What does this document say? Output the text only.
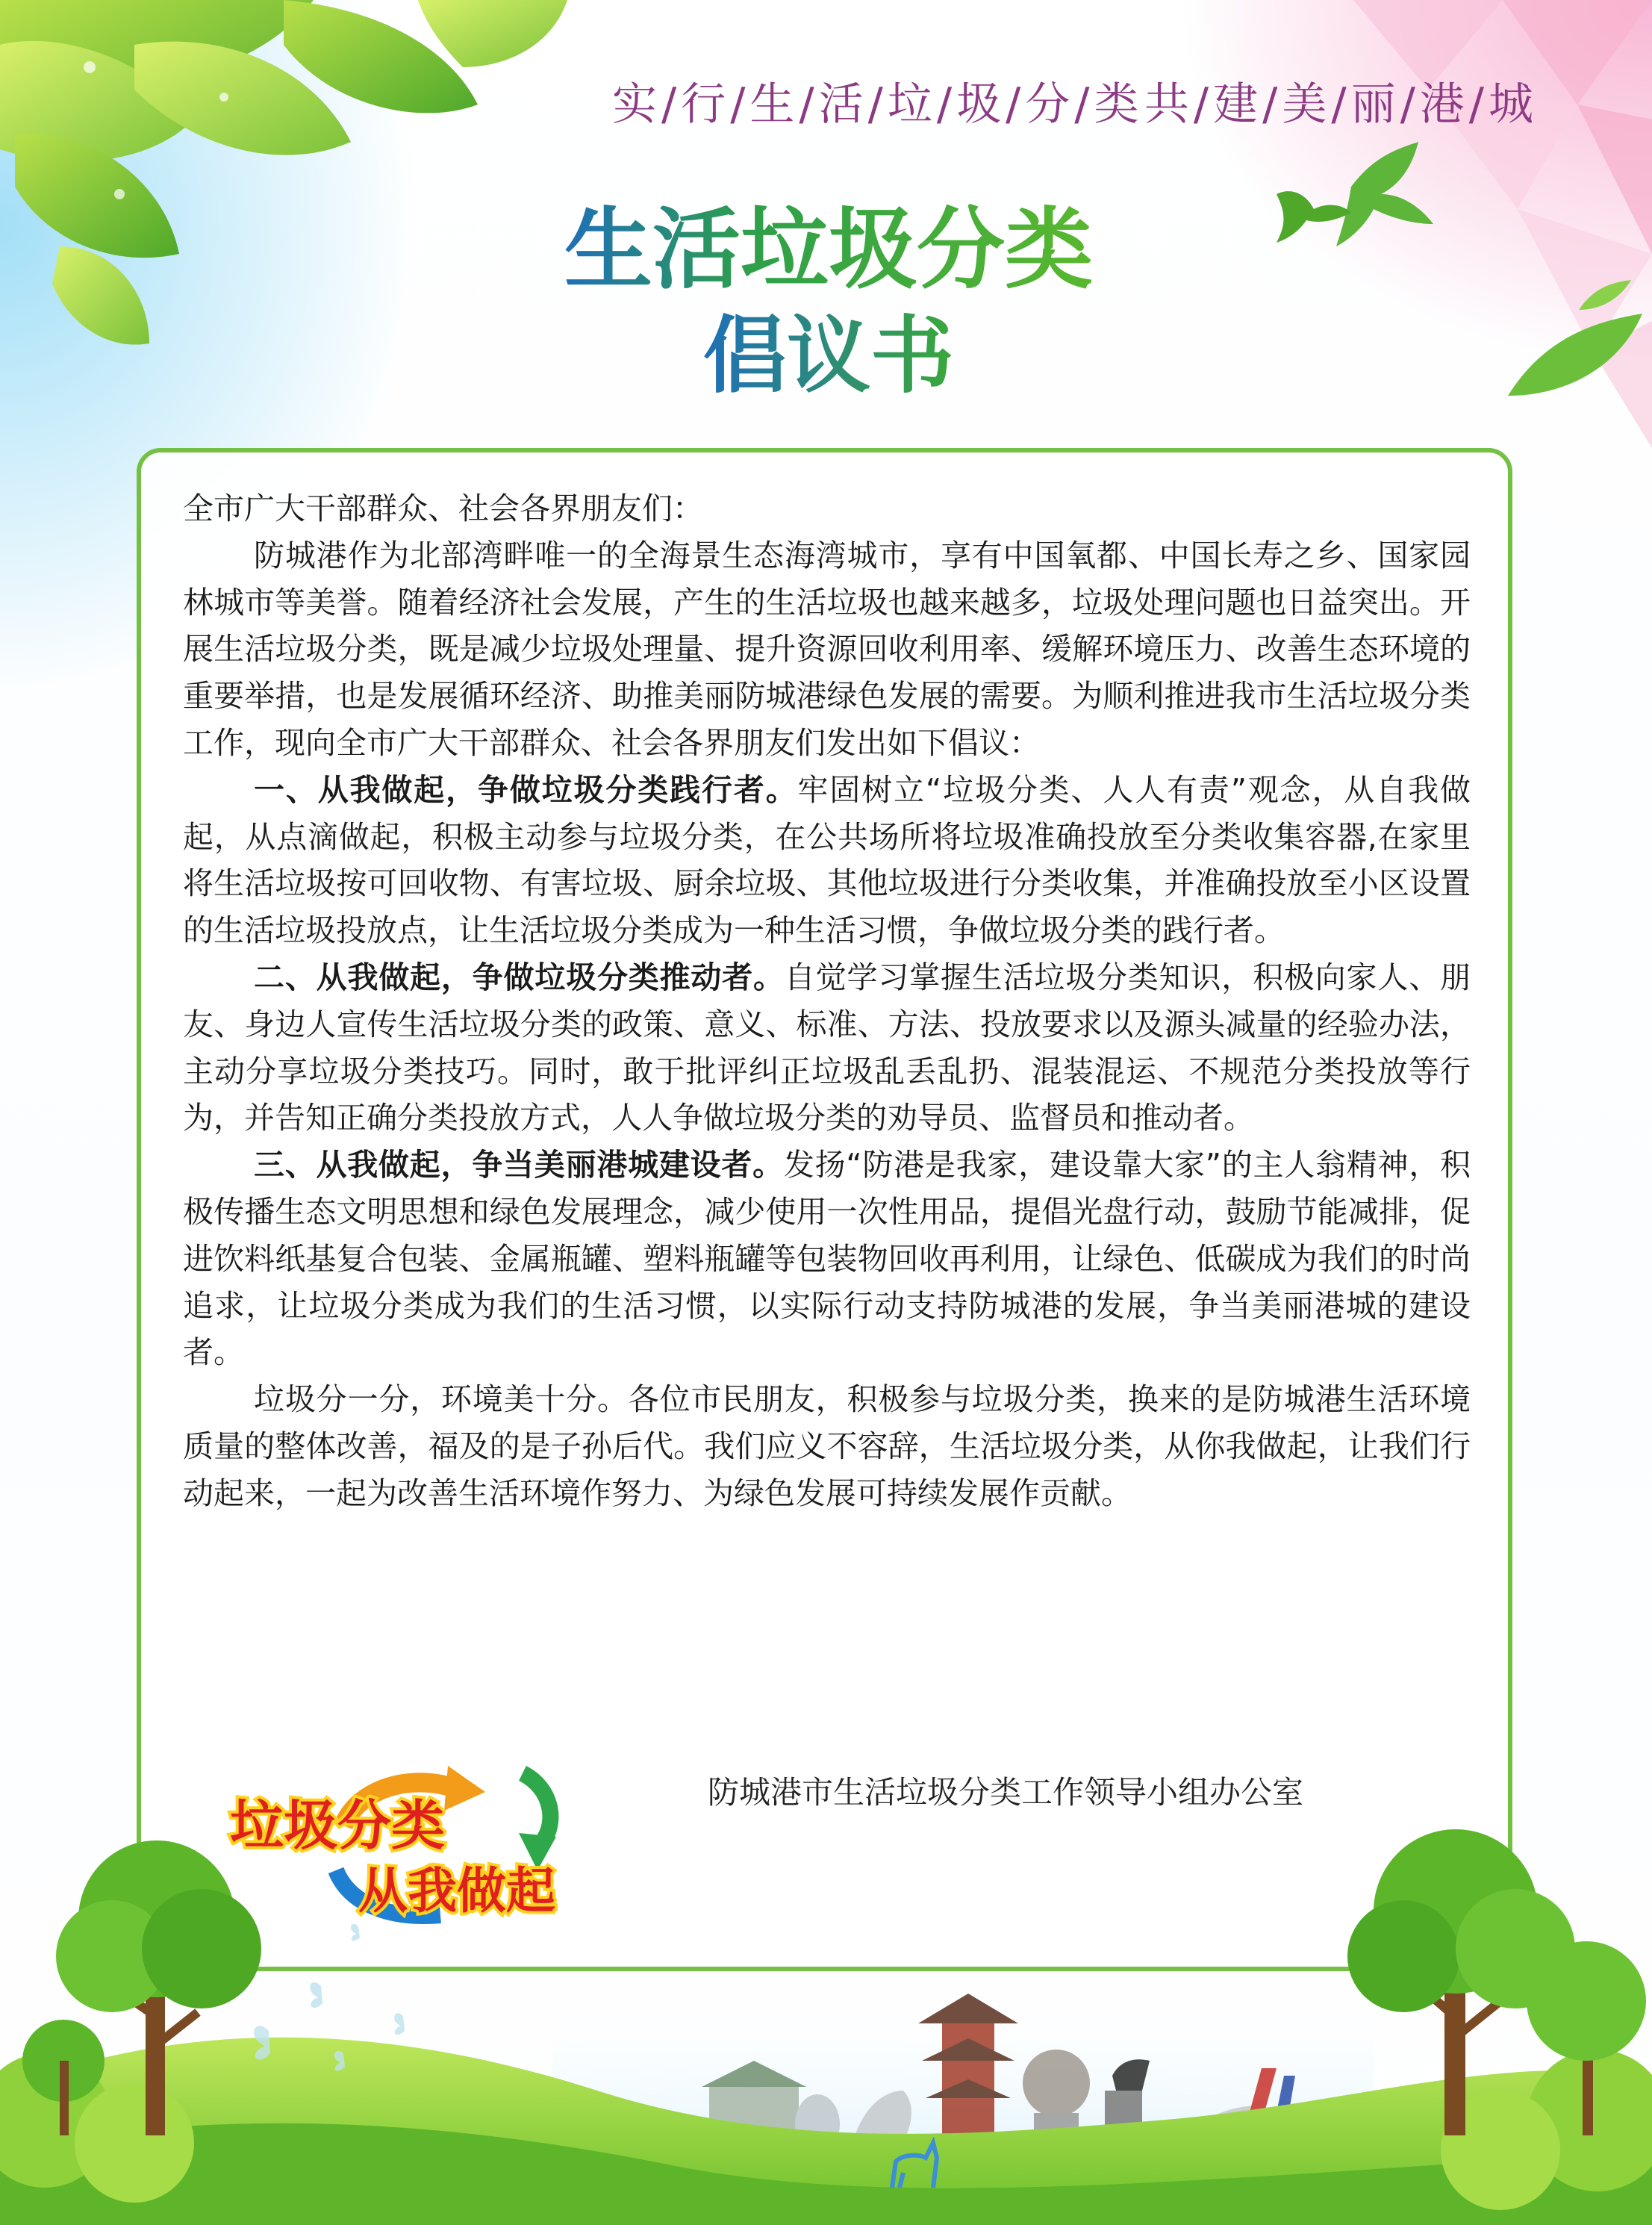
实/行/生/活/垃/圾/分/类 共/建/美/丽/港/城
生活垃圾分类
倡议书

全市广大干部群众、社会各界朋友们：

防城港作为北部湾畔唯一的全海景生态海湾城市，享有中国氧都、中国长寿之乡、国家园林城市等美誉。随着经济社会发展，产生的生活垃圾也越来越多，垃圾处理问题也日益突出。开展生活垃圾分类，既是减少垃圾处理量、提升资源回收利用率、缓解环境压力、改善生态环境的重要举措，也是发展循环经济、助推美丽防城港绿色发展的需要。为顺利推进我市生活垃圾分类工作，现向全市广大干部群众、社会各界朋友们发出如下倡议：

一、从我做起，争做垃圾分类践行者。牢固树立“垃圾分类、人人有责”观念，从自我做起，从点滴做起，积极主动参与垃圾分类，在公共场所将垃圾准确投放至分类收集容器,在家里将生活垃圾按可回收物、有害垃圾、厨余垃圾、其他垃圾进行分类收集，并准确投放至小区设置的生活垃圾投放点，让生活垃圾分类成为一种生活习惯，争做垃圾分类的践行者。

二、从我做起，争做垃圾分类推动者。自觉学习掌握生活垃圾分类知识，积极向家人、朋友、身边人宣传生活垃圾分类的政策、意义、标准、方法、投放要求以及源头减量的经验办法，主动分享垃圾分类技巧。同时，敢于批评纠正垃圾乱丢乱扔、混装混运、不规范分类投放等行为，并告知正确分类投放方式，人人争做垃圾分类的劝导员、监督员和推动者。

三、从我做起，争当美丽港城建设者。发扬“防港是我家，建设靠大家”的主人翁精神，积极传播生态文明思想和绿色发展理念，减少使用一次性用品，提倡光盘行动，鼓励节能减排，促进饮料纸基复合包装、金属瓶罐、塑料瓶罐等包装物回收再利用，让绿色、低碳成为我们的时尚追求，让垃圾分类成为我们的生活习惯，以实际行动支持防城港的发展，争当美丽港城的建设者。

垃圾分一分，环境美十分。各位市民朋友，积极参与垃圾分类，换来的是防城港生活环境质量的整体改善，福及的是子孙后代。我们应义不容辞，生活垃圾分类，从你我做起，让我们行动起来，一起为改善生活环境作努力、为绿色发展可持续发展作贡献。

防城港市生活垃圾分类工作领导小组办公室
垃圾分类
从我做起
